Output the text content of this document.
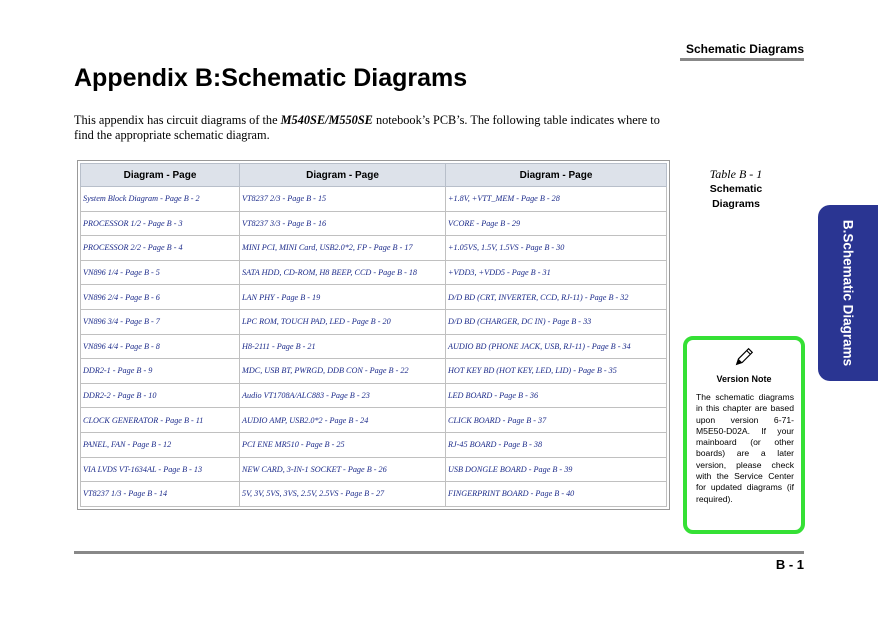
Schematic Diagrams
Appendix B:Schematic Diagrams

This appendix has circuit diagrams of the M540SE/M550SE notebook’s PCB’s. The following table indicates where to find the appropriate schematic diagram.

Diagram - Page	Diagram - Page	Diagram - Page
System Block Diagram - Page B - 2	VT8237 2/3 - Page B - 15	+1.8V, +VTT_MEM - Page B - 28
PROCESSOR 1/2 - Page B - 3	VT8237 3/3 - Page B - 16	VCORE - Page B - 29
PROCESSOR 2/2 - Page B - 4	MINI PCI, MINI Card, USB2.0*2, FP - Page B - 17	+1.05VS, 1.5V, 1.5VS - Page B - 30
VN896 1/4 - Page B - 5	SATA HDD, CD-ROM, H8 BEEP, CCD - Page B - 18	+VDD3, +VDD5 - Page B - 31
VN896 2/4 - Page B - 6	LAN PHY - Page B - 19	D/D BD (CRT, INVERTER, CCD, RJ-11) - Page B - 32
VN896 3/4 - Page B - 7	LPC ROM, TOUCH PAD, LED - Page B - 20	D/D BD (CHARGER, DC IN) - Page B - 33
VN896 4/4 - Page B - 8	H8-2111 - Page B - 21	AUDIO BD (PHONE JACK, USB, RJ-11) - Page B - 34
DDR2-1 - Page B - 9	MDC, USB BT, PWRGD, DDB CON - Page B - 22	HOT KEY BD (HOT KEY, LED, LID) - Page B - 35
DDR2-2 - Page B - 10	Audio VT1708A/ALC883 - Page B - 23	LED BOARD - Page B - 36
CLOCK GENERATOR - Page B - 11	AUDIO AMP, USB2.0*2 - Page B - 24	CLICK BOARD - Page B - 37
PANEL, FAN - Page B - 12	PCI ENE MR510 - Page B - 25	RJ-45 BOARD - Page B - 38
VIA LVDS VT-1634AL - Page B - 13	NEW CARD, 3-IN-1 SOCKET - Page B - 26	USB DONGLE BOARD - Page B - 39
VT8237 1/3 - Page B - 14	5V, 3V, 5VS, 3VS, 2.5V, 2.5VS - Page B - 27	FINGERPRINT BOARD - Page B - 40
Table B - 1
Schematic
Diagrams
B.Schematic Diagrams
Version Note

The schematic diagrams in this chapter are based upon version 6-71-M5E50-D02A. If your mainboard (or other boards) are a later version, please check with the Service Center for updated diagrams (if required).

B - 1
